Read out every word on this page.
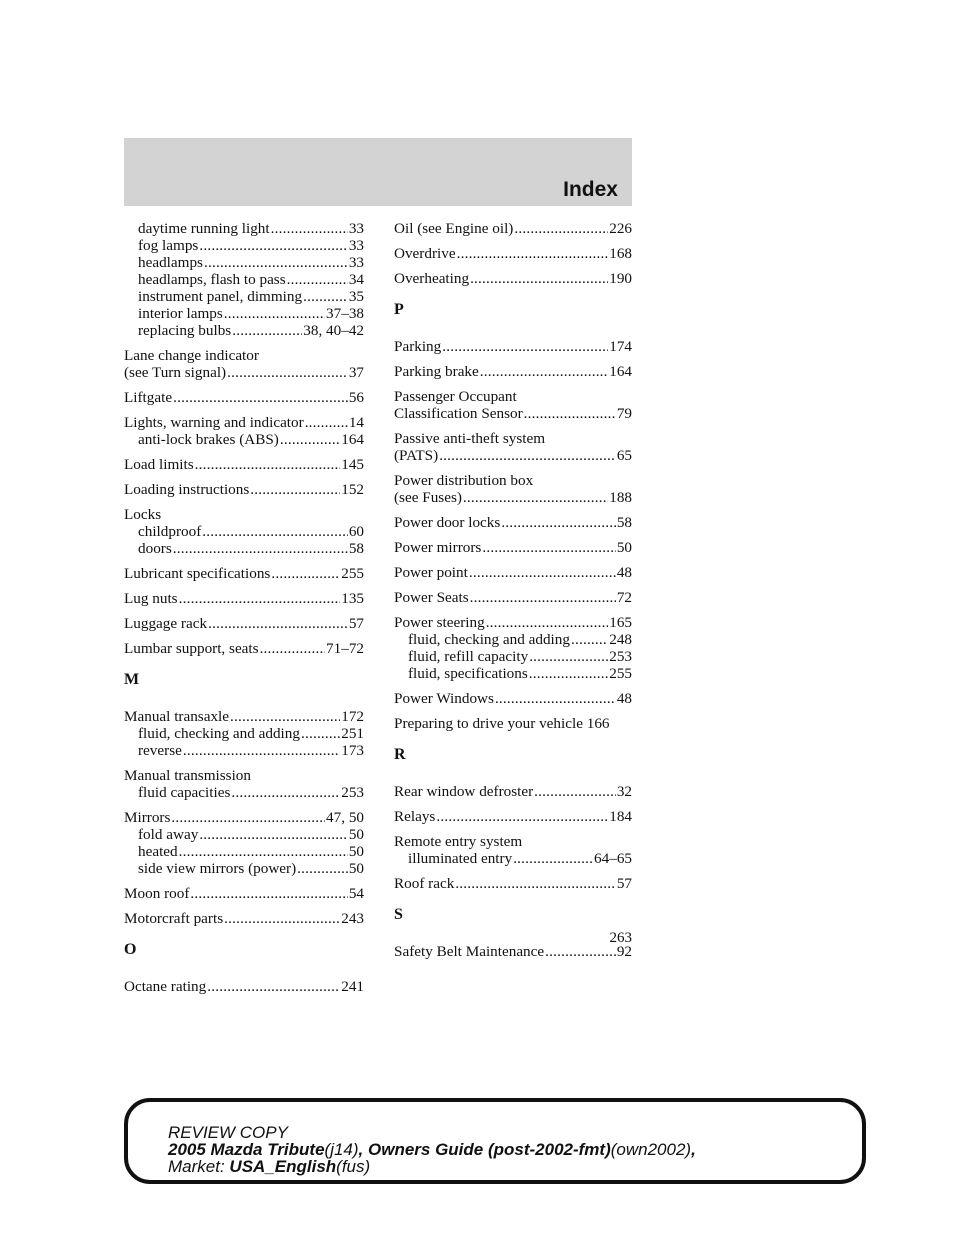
Index
daytime running light .....	33
fog lamps .....	33
headlamps .....	33
headlamps, flash to pass .....	34
instrument panel, dimming .....	35
interior lamps .....	37–38
replacing bulbs .....	38, 40–42
Lane change indicator
(see Turn signal) .....	37
Liftgate .....	56
Lights, warning and indicator .....	14
anti-lock brakes (ABS) .....	164
Load limits .....	145
Loading instructions .....	152
Locks
childproof .....	60
doors .....	58
Lubricant specifications .....	255
Lug nuts .....	135
Luggage rack .....	57
Lumbar support, seats .....	71–72
M
Manual transaxle .....	172
fluid, checking and adding .....	251
reverse .....	173
Manual transmission
fluid capacities .....	253
Mirrors .....	47, 50
fold away .....	50
heated .....	50
side view mirrors (power) .....	50
Moon roof .....	54
Motorcraft parts .....	243
O
Octane rating .....	241
Oil (see Engine oil) .....	226
Overdrive .....	168
Overheating .....	190
P
Parking .....	174
Parking brake .....	164
Passenger Occupant
Classification Sensor .....	79
Passive anti-theft system
(PATS) .....	65
Power distribution box
(see Fuses) .....	188
Power door locks .....	58
Power mirrors .....	50
Power point .....	48
Power Seats .....	72
Power steering .....	165
fluid, checking and adding .....	248
fluid, refill capacity .....	253
fluid, specifications .....	255
Power Windows .....	48
Preparing to drive your vehicle 166
R
Rear window defroster .....	32
Relays .....	184
Remote entry system
illuminated entry .....	64–65
Roof rack .....	57
S
Safety Belt Maintenance .....	92
263
REVIEW COPY
2005 Mazda Tribute(j14), Owners Guide (post-2002-fmt)(own2002),
Market: USA_English(fus)
